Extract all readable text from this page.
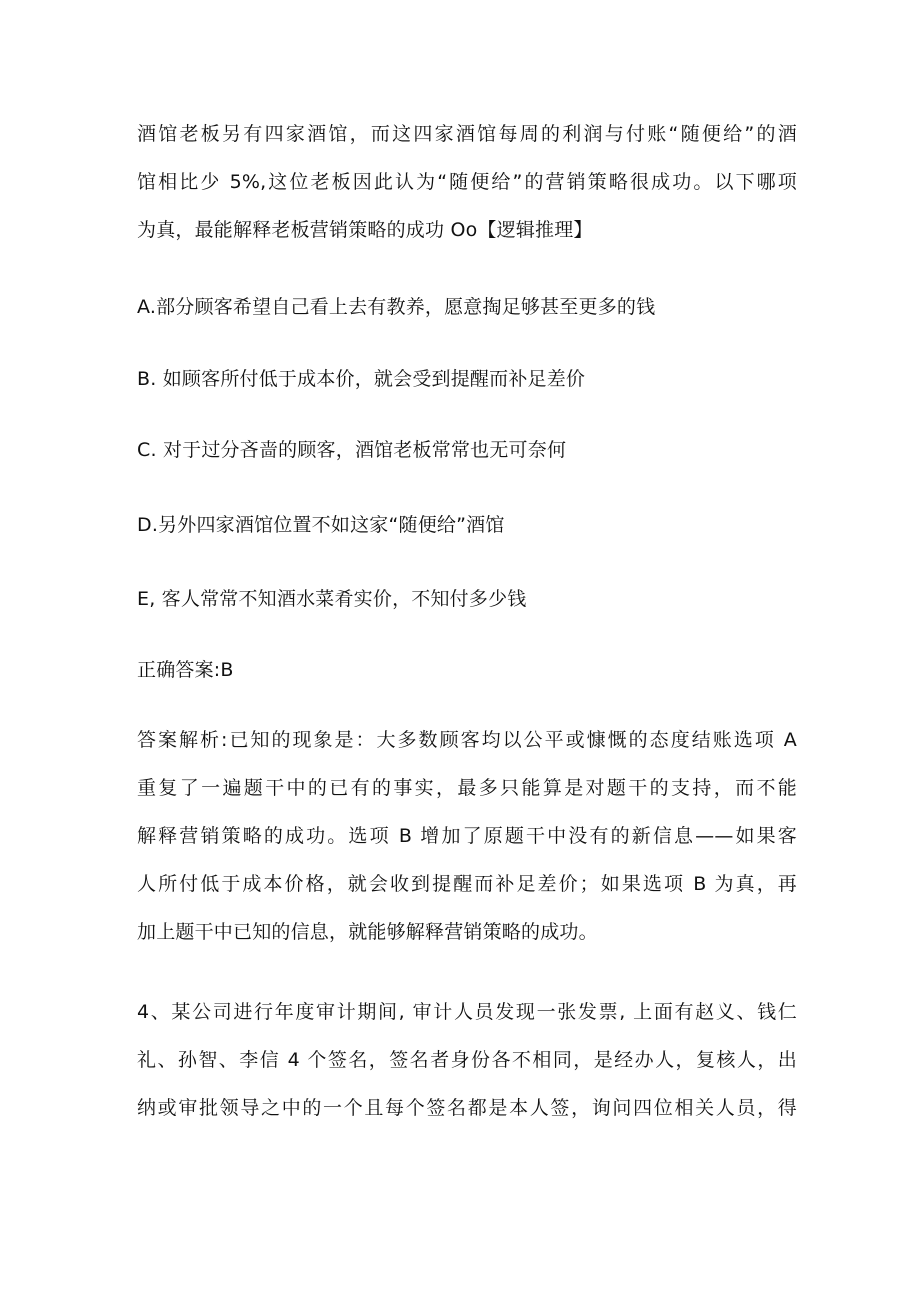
酒馆老板另有四家酒馆，而这四家酒馆每周的利润与付账“随便给”的酒
馆相比少 5%,这位老板因此认为“随便给”的营销策略很成功。以下哪项
为真，最能解释老板营销策略的成功 Oo【逻辑推理】
A.部分顾客希望自己看上去有教养，愿意掏足够甚至更多的钱
B. 如顾客所付低于成本价，就会受到提醒而补足差价
C. 对于过分吝啬的顾客，酒馆老板常常也无可奈何
D.另外四家酒馆位置不如这家“随便给”酒馆
E, 客人常常不知酒水菜肴实价，不知付多少钱
正确答案:B
答案解析:已知的现象是：大多数顾客均以公平或慷慨的态度结账选项 A
重复了一遍题干中的已有的事实，最多只能算是对题干的支持，而不能
解释营销策略的成功。选项 B 增加了原题干中没有的新信息——如果客
人所付低于成本价格，就会收到提醒而补足差价；如果选项 B 为真，再
加上题干中已知的信息，就能够解释营销策略的成功。
4、某公司进行年度审计期间, 审计人员发现一张发票, 上面有赵义、钱仁
礼、孙智、李信 4 个签名，签名者身份各不相同，是经办人，复核人，出
纳或审批领导之中的一个且每个签名都是本人签，询问四位相关人员，得
